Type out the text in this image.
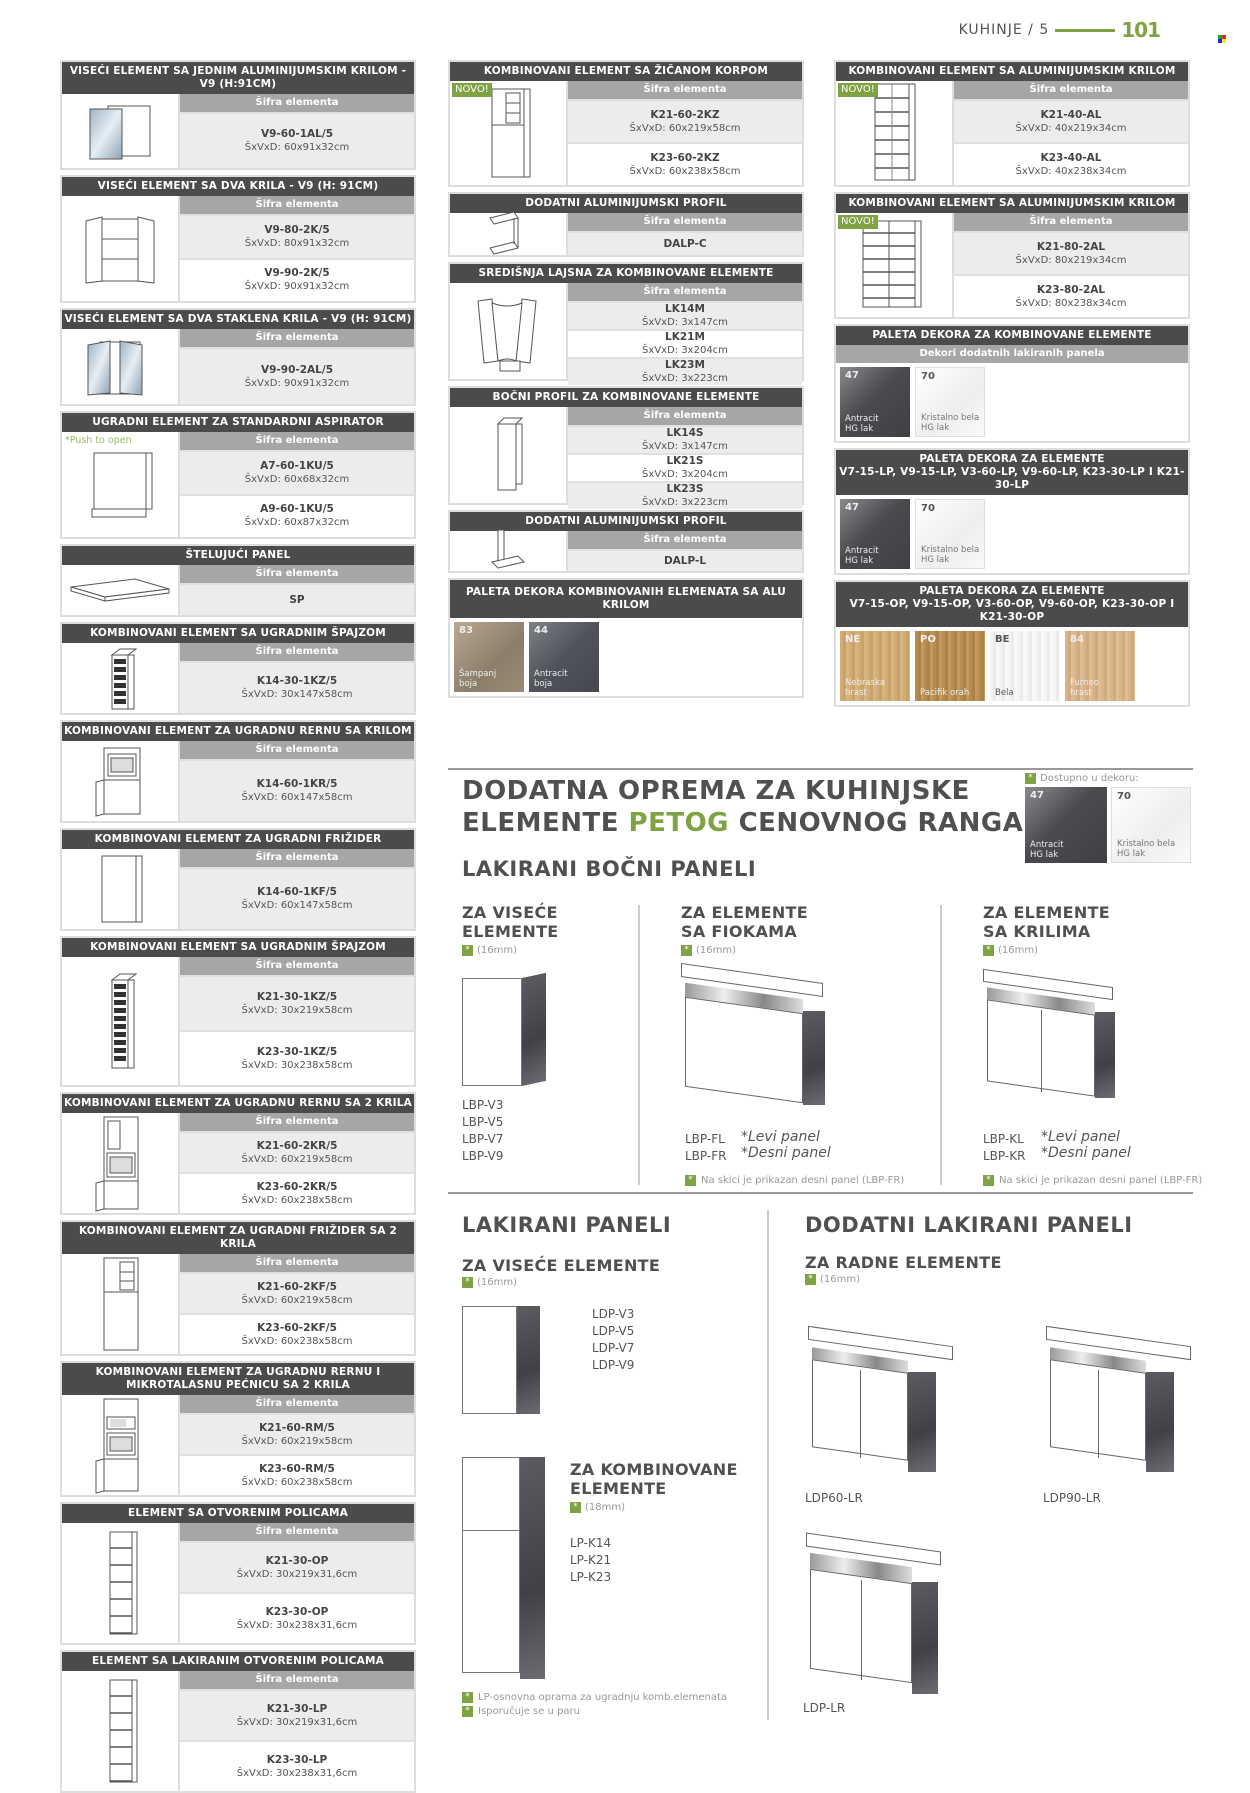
KUHINJE / 5	101
VISEĆI ELEMENT SA JEDNIM ALUMINIJUMSKIM KRILOM - V9 (H:91CM)
Šifra elementa
V9-60-1AL/5
ŠxVxD: 60x91x32cm
VISEĆI ELEMENT SA DVA KRILA - V9 (H: 91CM)
Šifra elementa
V9-80-2K/5
ŠxVxD: 80x91x32cm
V9-90-2K/5
ŠxVxD: 90x91x32cm
VISEĆI ELEMENT SA DVA STAKLENA KRILA - V9 (H: 91CM)
Šifra elementa
V9-90-2AL/5
ŠxVxD: 90x91x32cm
UGRADNI ELEMENT ZA STANDARDNI ASPIRATOR
*Push to open	Šifra elementa
A7-60-1KU/5
ŠxVxD: 60x68x32cm
A9-60-1KU/5
ŠxVxD: 60x87x32cm
ŠTELUJUĆI PANEL
Šifra elementa
SP
KOMBINOVANI ELEMENT SA UGRADNIM ŠPAJZOM
Šifra elementa
K14-30-1KZ/5
ŠxVxD: 30x147x58cm
KOMBINOVANI ELEMENT ZA UGRADNU RERNU SA KRILOM
Šifra elementa
K14-60-1KR/5
ŠxVxD: 60x147x58cm
KOMBINOVANI ELEMENT ZA UGRADNI FRIŽIDER
Šifra elementa
K14-60-1KF/5
ŠxVxD: 60x147x58cm
KOMBINOVANI ELEMENT SA UGRADNIM ŠPAJZOM
Šifra elementa
K21-30-1KZ/5
ŠxVxD: 30x219x58cm
K23-30-1KZ/5
ŠxVxD: 30x238x58cm
KOMBINOVANI ELEMENT ZA UGRADNU RERNU SA 2 KRILA
Šifra elementa
K21-60-2KR/5
ŠxVxD: 60x219x58cm
K23-60-2KR/5
ŠxVxD: 60x238x58cm
KOMBINOVANI ELEMENT ZA UGRADNI FRIŽIDER SA 2 KRILA
Šifra elementa
K21-60-2KF/5
ŠxVxD: 60x219x58cm
K23-60-2KF/5
ŠxVxD: 60x238x58cm
KOMBINOVANI ELEMENT ZA UGRADNU RERNU I MIKROTALASNU PEĆNICU SA 2 KRILA
Šifra elementa
K21-60-RM/5
ŠxVxD: 60x219x58cm
K23-60-RM/5
ŠxVxD: 60x238x58cm
ELEMENT SA OTVORENIM POLICAMA
Šifra elementa
K21-30-OP
ŠxVxD: 30x219x31,6cm
K23-30-OP
ŠxVxD: 30x238x31,6cm
ELEMENT SA LAKIRANIM OTVORENIM POLICAMA
Šifra elementa
K21-30-LP
ŠxVxD: 30x219x31,6cm
K23-30-LP
ŠxVxD: 30x238x31,6cm
KOMBINOVANI ELEMENT SA ŽIČANOM KORPOM
NOVO!	Šifra elementa
K21-60-2KZ
ŠxVxD: 60x219x58cm
K23-60-2KZ
ŠxVxD: 60x238x58cm
DODATNI ALUMINIJUMSKI PROFIL
Šifra elementa
DALP-C
SREDIŠNJA LAJSNA ZA KOMBINOVANE ELEMENTE
Šifra elementa
LK14M
ŠxVxD: 3x147cm
LK21M
ŠxVxD: 3x204cm
LK23M
ŠxVxD: 3x223cm
BOČNI PROFIL ZA KOMBINOVANE ELEMENTE
Šifra elementa
LK14S
ŠxVxD: 3x147cm
LK21S
ŠxVxD: 3x204cm
LK23S
ŠxVxD: 3x223cm
DODATNI ALUMINIJUMSKI PROFIL
Šifra elementa
DALP-L
PALETA DEKORA KOMBINOVANIH ELEMENATA SA ALU KRILOM
83
Šampanj
boja
44
Antracit
boja
KOMBINOVANI ELEMENT SA ALUMINIJUMSKIM KRILOM
NOVO!	Šifra elementa
K21-40-AL
ŠxVxD: 40x219x34cm
K23-40-AL
ŠxVxD: 40x238x34cm
KOMBINOVANI ELEMENT SA ALUMINIJUMSKIM KRILOM
NOVO!	Šifra elementa
K21-80-2AL
ŠxVxD: 80x219x34cm
K23-80-2AL
ŠxVxD: 80x238x34cm
PALETA DEKORA ZA KOMBINOVANE ELEMENTE
Dekori dodatnih lakiranih panela
47
Antracit
HG lak
70
Kristalno bela
HG lak
PALETA DEKORA ZA ELEMENTE
V7-15-LP, V9-15-LP, V3-60-LP, V9-60-LP, K23-30-LP I K21-30-LP
47
Antracit
HG lak
70
Kristalno bela
HG lak
PALETA DEKORA ZA ELEMENTE
V7-15-OP, V9-15-OP, V3-60-OP, V9-60-OP, K23-30-OP I K21-30-OP
NE
Nebraska
hrast
PO
Pacifik orah
BE
Bela
84
Furneo
hrast
DODATNA OPREMA ZA KUHINJSKE
ELEMENTE PETOG CENOVNOG RANGA
* Dostupno u dekoru:
47
Antracit
HG lak
70
Kristalno bela
HG lak
LAKIRANI BOČNI PANELI
ZA VISEĆE
ELEMENTE
* (16mm)
LBP-V3
LBP-V5
LBP-V7
LBP-V9
ZA ELEMENTE
SA FIOKAMA
* (16mm)
LBP-FL
LBP-FR
*Levi panel
*Desni panel
* Na skici je prikazan desni panel (LBP-FR)
ZA ELEMENTE
SA KRILIMA
* (16mm)
LBP-KL
LBP-KR
*Levi panel
*Desni panel
* Na skici je prikazan desni panel (LBP-FR)
LAKIRANI PANELI
ZA VISEĆE ELEMENTE
* (16mm)
LDP-V3
LDP-V5
LDP-V7
LDP-V9
ZA KOMBINOVANE
ELEMENTE
* (18mm)
LP-K14
LP-K21
LP-K23
* LP-osnovna oprama za ugradnju komb.elemenata
* Isporučuje se u paru
DODATNI LAKIRANI PANELI
ZA RADNE ELEMENTE
* (16mm)
LDP60-LR	LDP90-LR
LDP-LR
